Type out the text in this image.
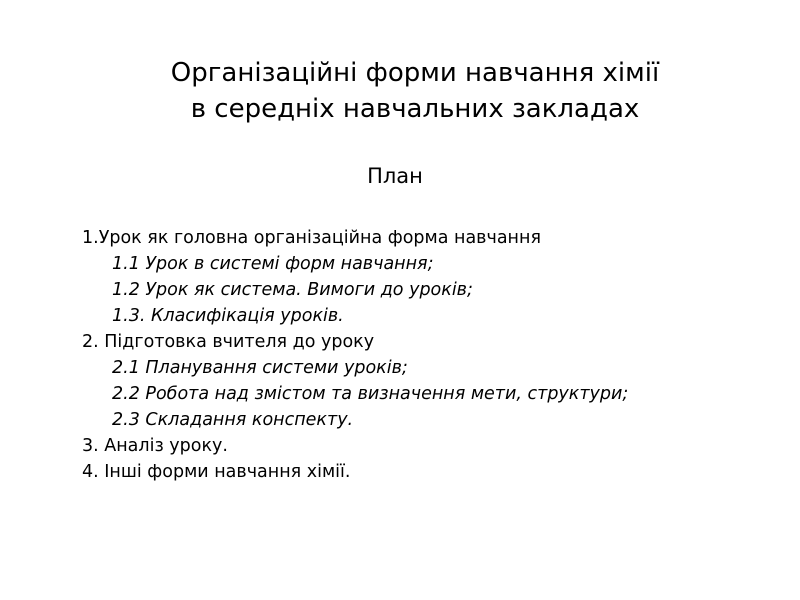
Організаційні форми навчання хімії
в середніх навчальних закладах
План
1.Урок як головна організаційна форма навчання
1.1 Урок в системі форм навчання;
1.2 Урок як система. Вимоги до уроків;
1.3. Класифікація уроків.
2. Підготовка вчителя до уроку
2.1 Планування системи уроків;
2.2 Робота над змістом та визначення мети, структури;
2.3 Складання конспекту.
3. Аналіз уроку.
4. Інші форми навчання хімії.
